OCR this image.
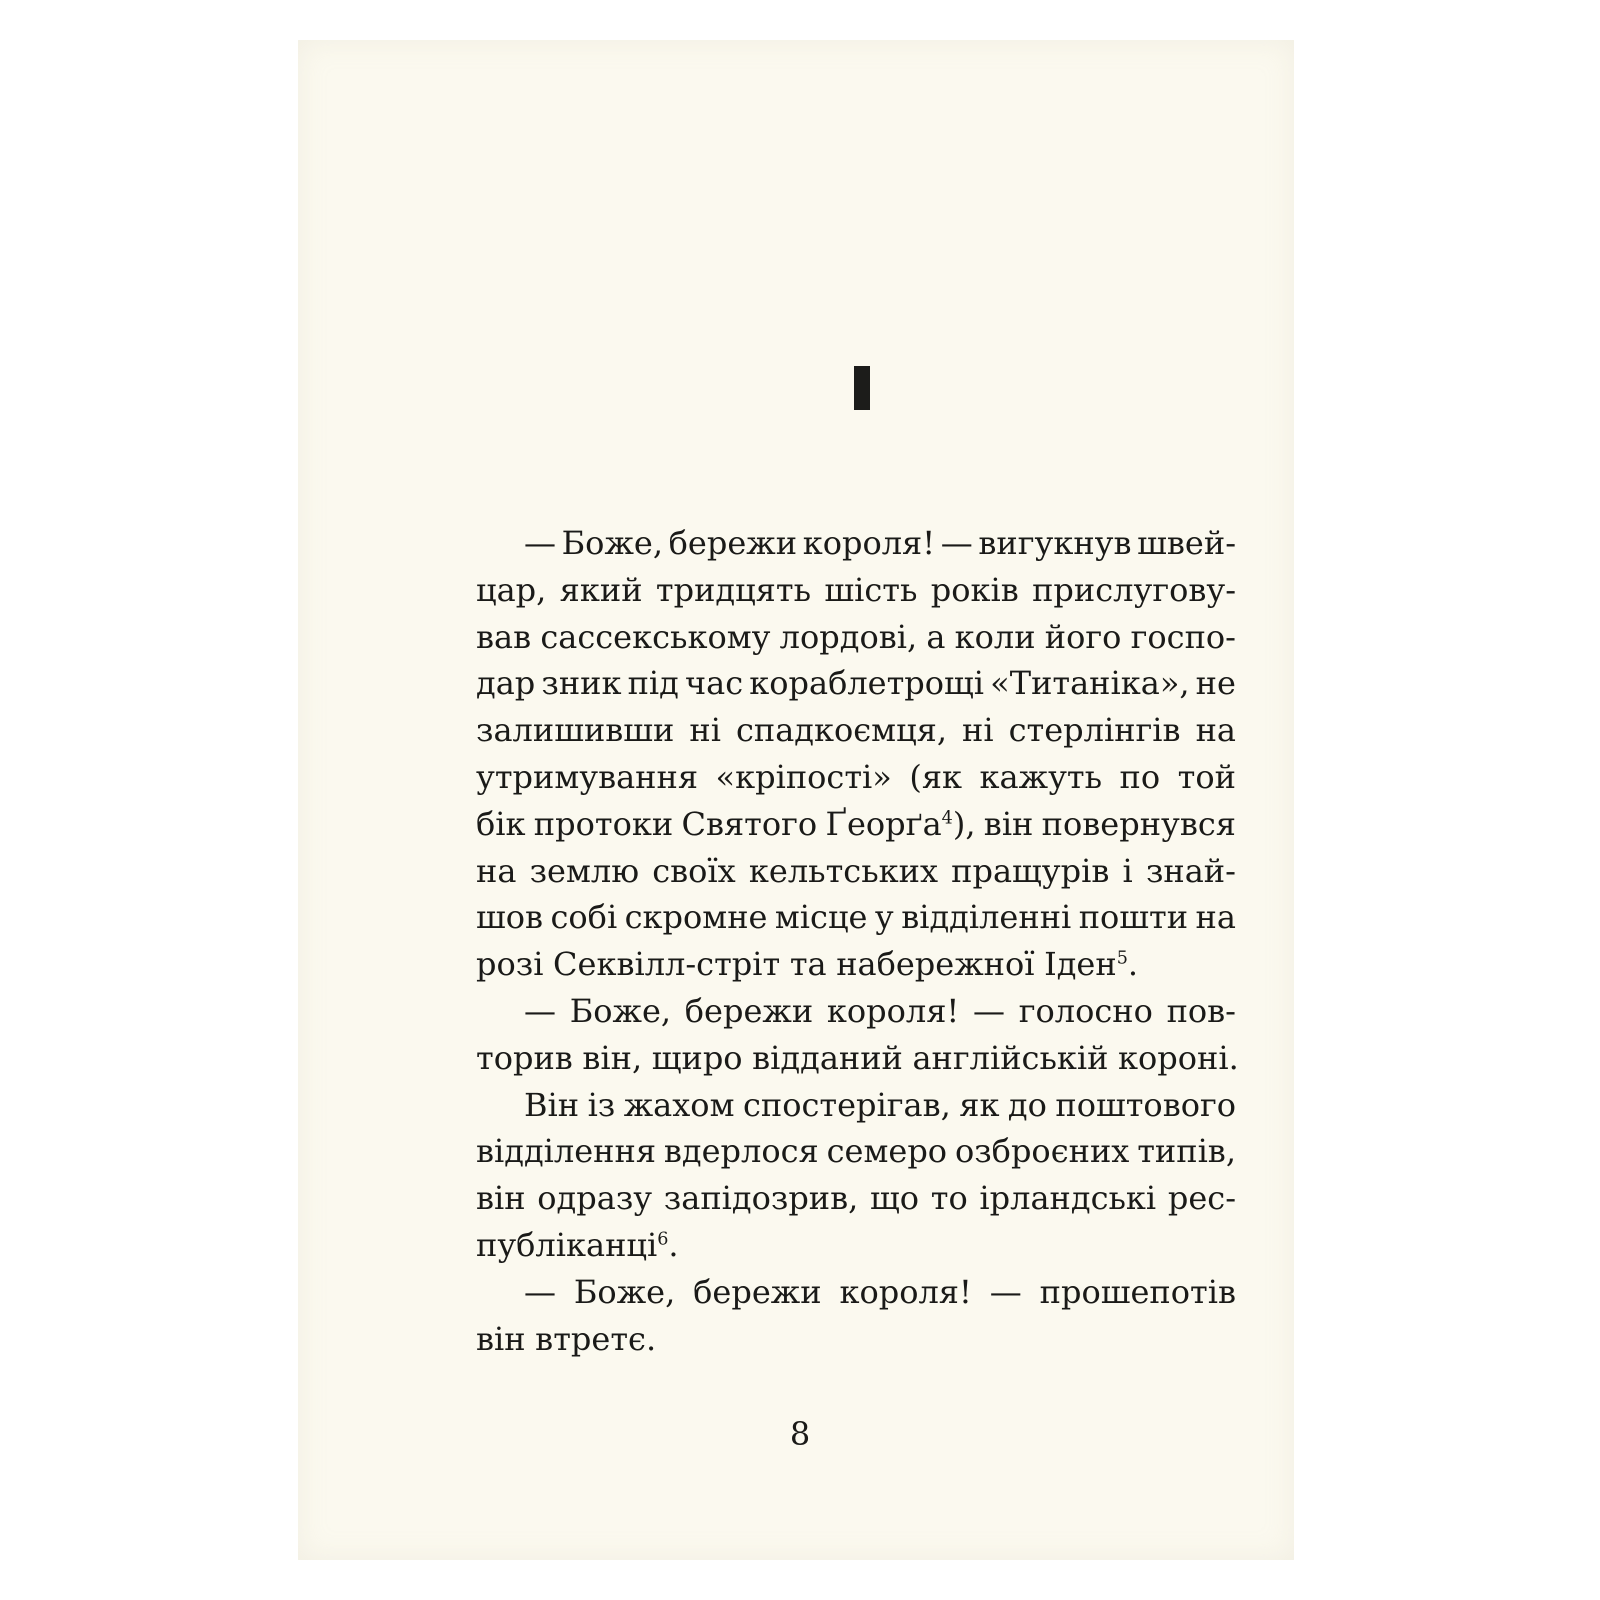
— Боже, бережи короля! — вигукнув швей-
цар, який тридцять шість років прислугову-
вав сассекському лордові, а коли його госпо-
дар зник під час кораблетрощі «Титаніка», не
залишивши ні спадкоємця, ні стерлінгів на
утримування «кріпості» (як кажуть по той
бік протоки Святого Ґеорґа$^4$), він повернувся
на землю своїх кельтських пращурів і знай-
шов собі скромне місце у відділенні пошти на
розі Секвілл-стріт та набережної Іден$^5$.
— Боже, бережи короля! — голосно пов-
торив він, щиро відданий англійській короні.
Він із жахом спостерігав, як до поштового
відділення вдерлося семеро озброєних типів,
він одразу запідозрив, що то ірландські рес-
публіканці$^6$.
— Боже, бережи короля! — прошепотів
він втретє.
8
